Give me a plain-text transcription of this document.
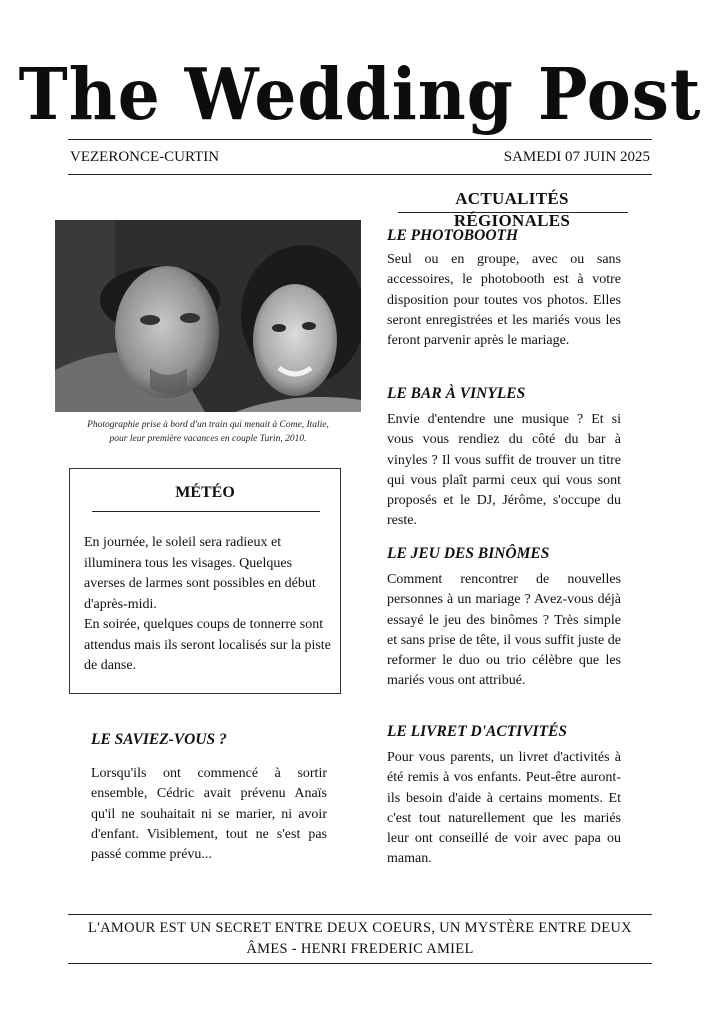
The Wedding Post
VEZERONCE-CURTIN	SAMEDI 07 JUIN 2025
ACTUALITÉS RÉGIONALES
Photographie prise à bord d'un train qui menait à Come, Italie, pour leur première vacances en couple Turin, 2010.
MÉTÉO

En journée, le soleil sera radieux et illuminera tous les visages. Quelques averses de larmes sont possibles en début d'après-midi.

En soirée, quelques coups de tonnerre sont attendus mais ils seront localisés sur la piste de danse.

LE SAVIEZ-VOUS ?

Lorsqu'ils ont commencé à sortir ensemble, Cédric avait prévenu Anaïs qu'il ne souhaitait ni se marier, ni avoir d'enfant. Visiblement, tout ne s'est pas passé comme prévu...

LE PHOTOBOOTH

Seul ou en groupe, avec ou sans accessoires, le photobooth est à votre disposition pour toutes vos photos. Elles seront enregistrées et les mariés vous les feront parvenir après le mariage.

LE BAR À VINYLES

Envie d'entendre une musique ? Et si vous vous rendiez du côté du bar à vinyles ? Il vous suffit de trouver un titre qui vous plaît parmi ceux qui vous sont proposés et le DJ, Jérôme, s'occupe du reste.

LE JEU DES BINÔMES

Comment rencontrer de nouvelles personnes à un mariage ? Avez-vous déjà essayé le jeu des binômes ? Très simple et sans prise de tête, il vous suffit juste de reformer le duo ou trio célèbre que les mariés vous ont attribué.

LE LIVRET D'ACTIVITÉS

Pour vous parents, un livret d'activités à été remis à vos enfants. Peut-être auront-ils besoin d'aide à certains moments. Et c'est tout naturellement que les mariés leur ont conseillé de voir avec papa ou maman.

L'AMOUR EST UN SECRET ENTRE DEUX COEURS, UN MYSTÈRE ENTRE DEUX ÂMES - HENRI FREDERIC AMIEL
